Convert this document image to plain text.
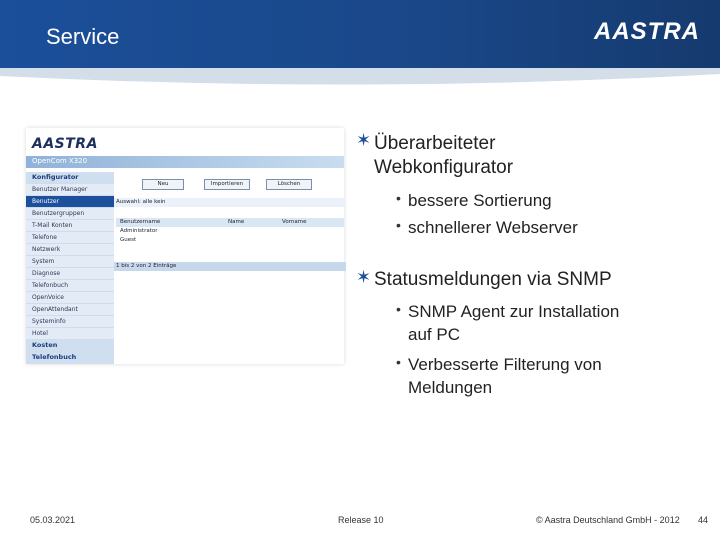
Service	AASTRA
AASTRA
OpenCom X320
Konfigurator
Benutzer Manager
Benutzer
Benutzergruppen
T-Mail Konten
Telefone
Netzwerk
System
Diagnose
Telefonbuch
OpenVoice
OpenAttendant
Systeminfo
Hotel
Kosten
Telefonbuch
Neu	Importieren	Löschen
Auswahl: alle kein
Benutzername	Name	Vorname
Administrator
Guest
1 bis 2 von 2 Einträge
✶ Überarbeiteter
Webkonfigurator
• bessere Sortierung
• schnellerer Webserver
✶ Statusmeldungen via SNMP
• SNMP Agent zur Installation
auf PC
• Verbesserte Filterung von
Meldungen
05.03.2021	Release 10	© Aastra Deutschland GmbH - 2012 44
